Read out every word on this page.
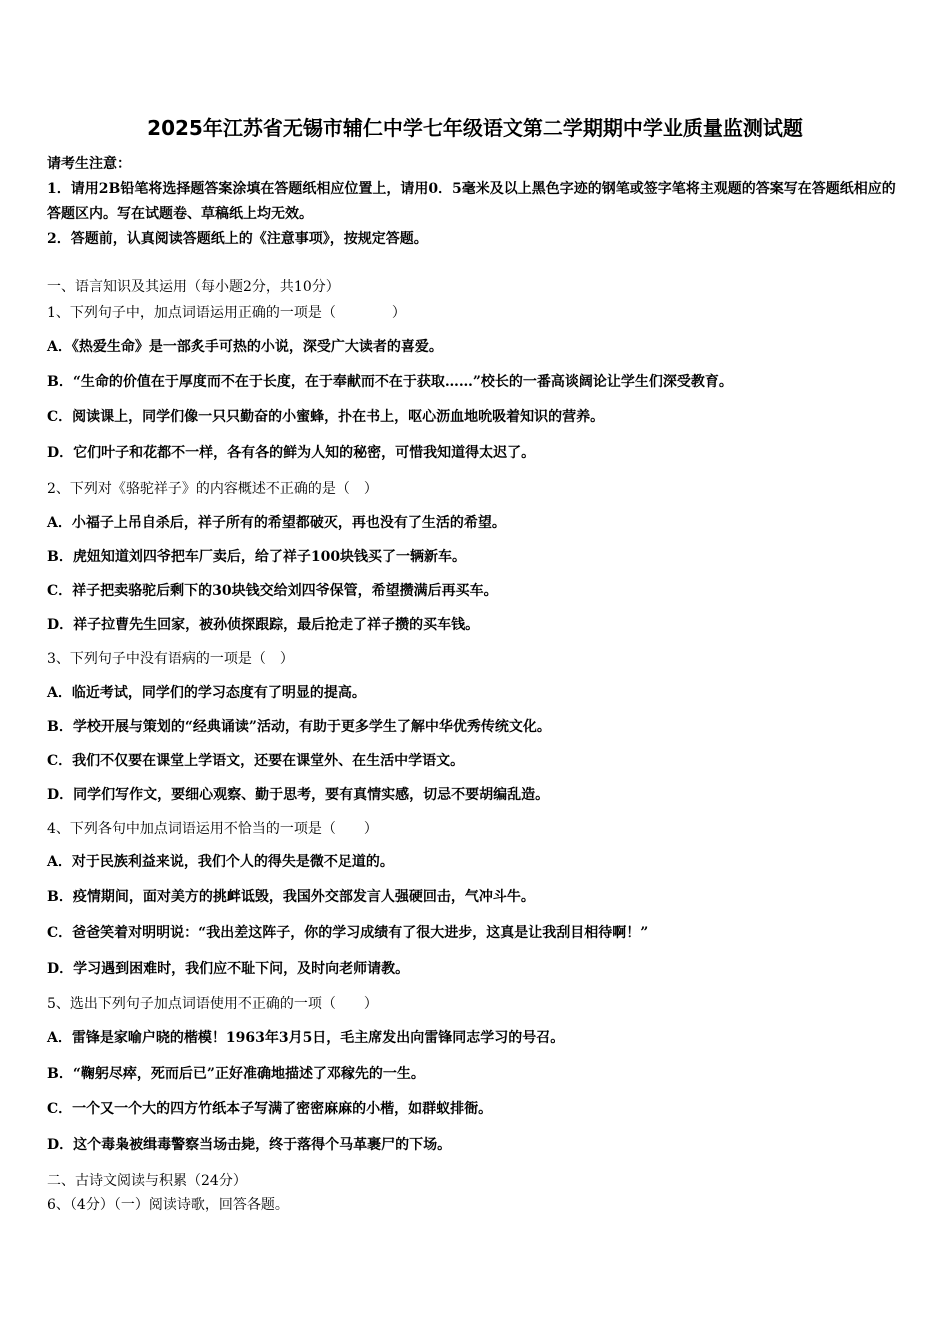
2025年江苏省无锡市辅仁中学七年级语文第二学期期中学业质量监测试题
请考生注意：
1．请用2B铅笔将选择题答案涂填在答题纸相应位置上，请用0．5毫米及以上黑色字迹的钢笔或签字笔将主观题的答案写在答题纸相应的答题区内。写在试题卷、草稿纸上均无效。
2．答题前，认真阅读答题纸上的《注意事项》，按规定答题。
一、语言知识及其运用（每小题2分，共10分）
1、下列句子中，加点词语运用正确的一项是（　　　　）
A．《热爱生命》是一部炙手可热的小说，深受广大读者的喜爱。
B．“生命的价值在于厚度而不在于长度，在于奉献而不在于获取……”校长的一番高谈阔论让学生们深受教育。
C．阅读课上，同学们像一只只勤奋的小蜜蜂，扑在书上，呕心沥血地吮吸着知识的营养。
D．它们叶子和花都不一样，各有各的鲜为人知的秘密，可惜我知道得太迟了。
2、下列对《骆驼祥子》的内容概述不正确的是（　）
A．小福子上吊自杀后，祥子所有的希望都破灭，再也没有了生活的希望。
B．虎妞知道刘四爷把车厂卖后，给了祥子100块钱买了一辆新车。
C．祥子把卖骆驼后剩下的30块钱交给刘四爷保管，希望攒满后再买车。
D．祥子拉曹先生回家，被孙侦探跟踪，最后抢走了祥子攒的买车钱。
3、下列句子中没有语病的一项是（　）
A．临近考试，同学们的学习态度有了明显的提高。
B．学校开展与策划的“经典诵读”活动，有助于更多学生了解中华优秀传统文化。
C．我们不仅要在课堂上学语文，还要在课堂外、在生活中学语文。
D．同学们写作文，要细心观察、勤于思考，要有真情实感，切忌不要胡编乱造。
4、下列各句中加点词语运用不恰当的一项是（　　）
A．对于民族利益来说，我们个人的得失是微不足道的。
B．疫情期间，面对美方的挑衅诋毁，我国外交部发言人强硬回击，气冲斗牛。
C．爸爸笑着对明明说：“我出差这阵子，你的学习成绩有了很大进步，这真是让我刮目相待啊！”
D．学习遇到困难时，我们应不耻下问，及时向老师请教。
5、选出下列句子加点词语使用不正确的一项（　　）
A．雷锋是家喻户晓的楷模！1963年3月5日，毛主席发出向雷锋同志学习的号召。
B．“鞠躬尽瘁，死而后已”正好准确地描述了邓稼先的一生。
C．一个又一个大的四方竹纸本子写满了密密麻麻的小楷，如群蚁排衙。
D．这个毒枭被缉毒警察当场击毙，终于落得个马革裹尸的下场。
二、古诗文阅读与积累（24分）
6、（4分）（一）阅读诗歌，回答各题。
